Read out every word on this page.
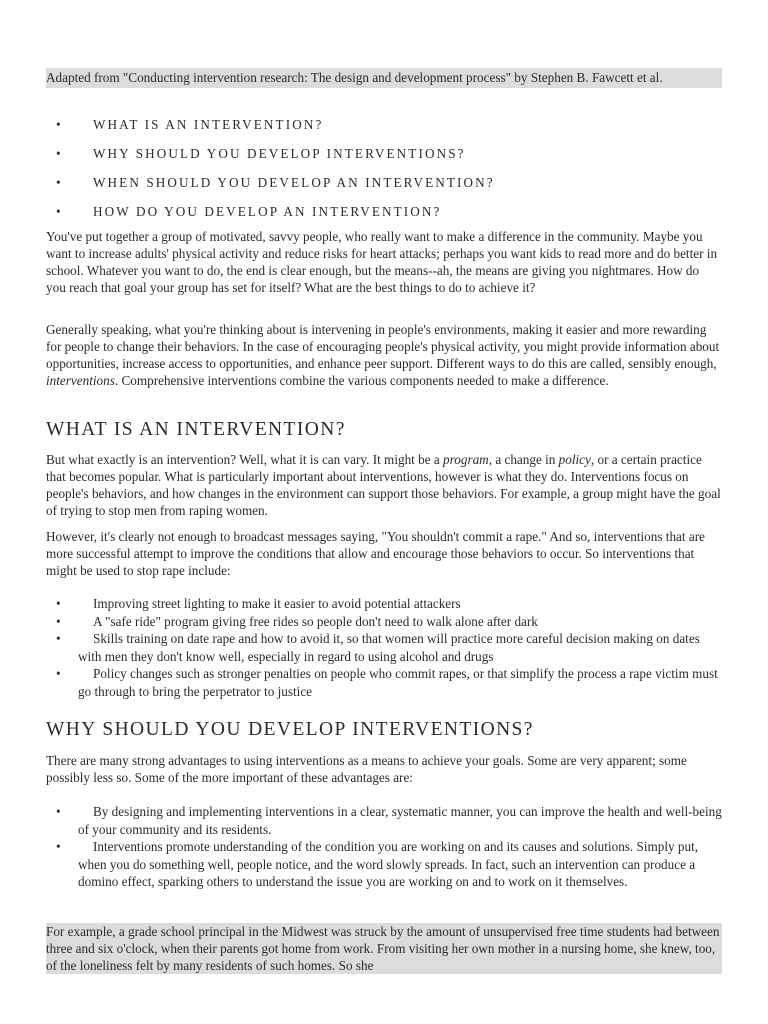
Adapted from "Conducting intervention research: The design and development process" by Stephen B. Fawcett et al.
• WHAT IS AN INTERVENTION?
• WHY SHOULD YOU DEVELOP INTERVENTIONS?
• WHEN SHOULD YOU DEVELOP AN INTERVENTION?
• HOW DO YOU DEVELOP AN INTERVENTION?

You've put together a group of motivated, savvy people, who really want to make a difference in the community. Maybe you want to increase adults' physical activity and reduce risks for heart attacks; perhaps you want kids to read more and do better in school. Whatever you want to do, the end is clear enough, but the means--ah, the means are giving you nightmares. How do you reach that goal your group has set for itself? What are the best things to do to achieve it?

Generally speaking, what you're thinking about is intervening in people's environments, making it easier and more rewarding for people to change their behaviors. In the case of encouraging people's physical activity, you might provide information about opportunities, increase access to opportunities, and enhance peer support. Different ways to do this are called, sensibly enough, interventions. Comprehensive interventions combine the various components needed to make a difference.

WHAT IS AN INTERVENTION?

But what exactly is an intervention? Well, what it is can vary. It might be a program, a change in policy, or a certain practice that becomes popular. What is particularly important about interventions, however is what they do. Interventions focus on people's behaviors, and how changes in the environment can support those behaviors. For example, a group might have the goal of trying to stop men from raping women.

However, it's clearly not enough to broadcast messages saying, "You shouldn't commit a rape." And so, interventions that are more successful attempt to improve the conditions that allow and encourage those behaviors to occur. So interventions that might be used to stop rape include:

•	Improving street lighting to make it easier to avoid potential attackers
•	A "safe ride" program giving free rides so people don't need to walk alone after dark
•	Skills training on date rape and how to avoid it, so that women will practice more careful decision making on dates with men they don't know well, especially in regard to using alcohol and drugs
•	Policy changes such as stronger penalties on people who commit rapes, or that simplify the process a rape victim must go through to bring the perpetrator to justice
WHY SHOULD YOU DEVELOP INTERVENTIONS?

There are many strong advantages to using interventions as a means to achieve your goals. Some are very apparent; some possibly less so. Some of the more important of these advantages are:

•	By designing and implementing interventions in a clear, systematic manner, you can improve the health and well-being of your community and its residents.
•	Interventions promote understanding of the condition you are working on and its causes and solutions. Simply put, when you do something well, people notice, and the word slowly spreads. In fact, such an intervention can produce a domino effect, sparking others to understand the issue you are working on and to work on it themselves.

For example, a grade school principal in the Midwest was struck by the amount of unsupervised free time students had between three and six o'clock, when their parents got home from work. From visiting her own mother in a nursing home, she knew, too, of the loneliness felt by many residents of such homes. So she
